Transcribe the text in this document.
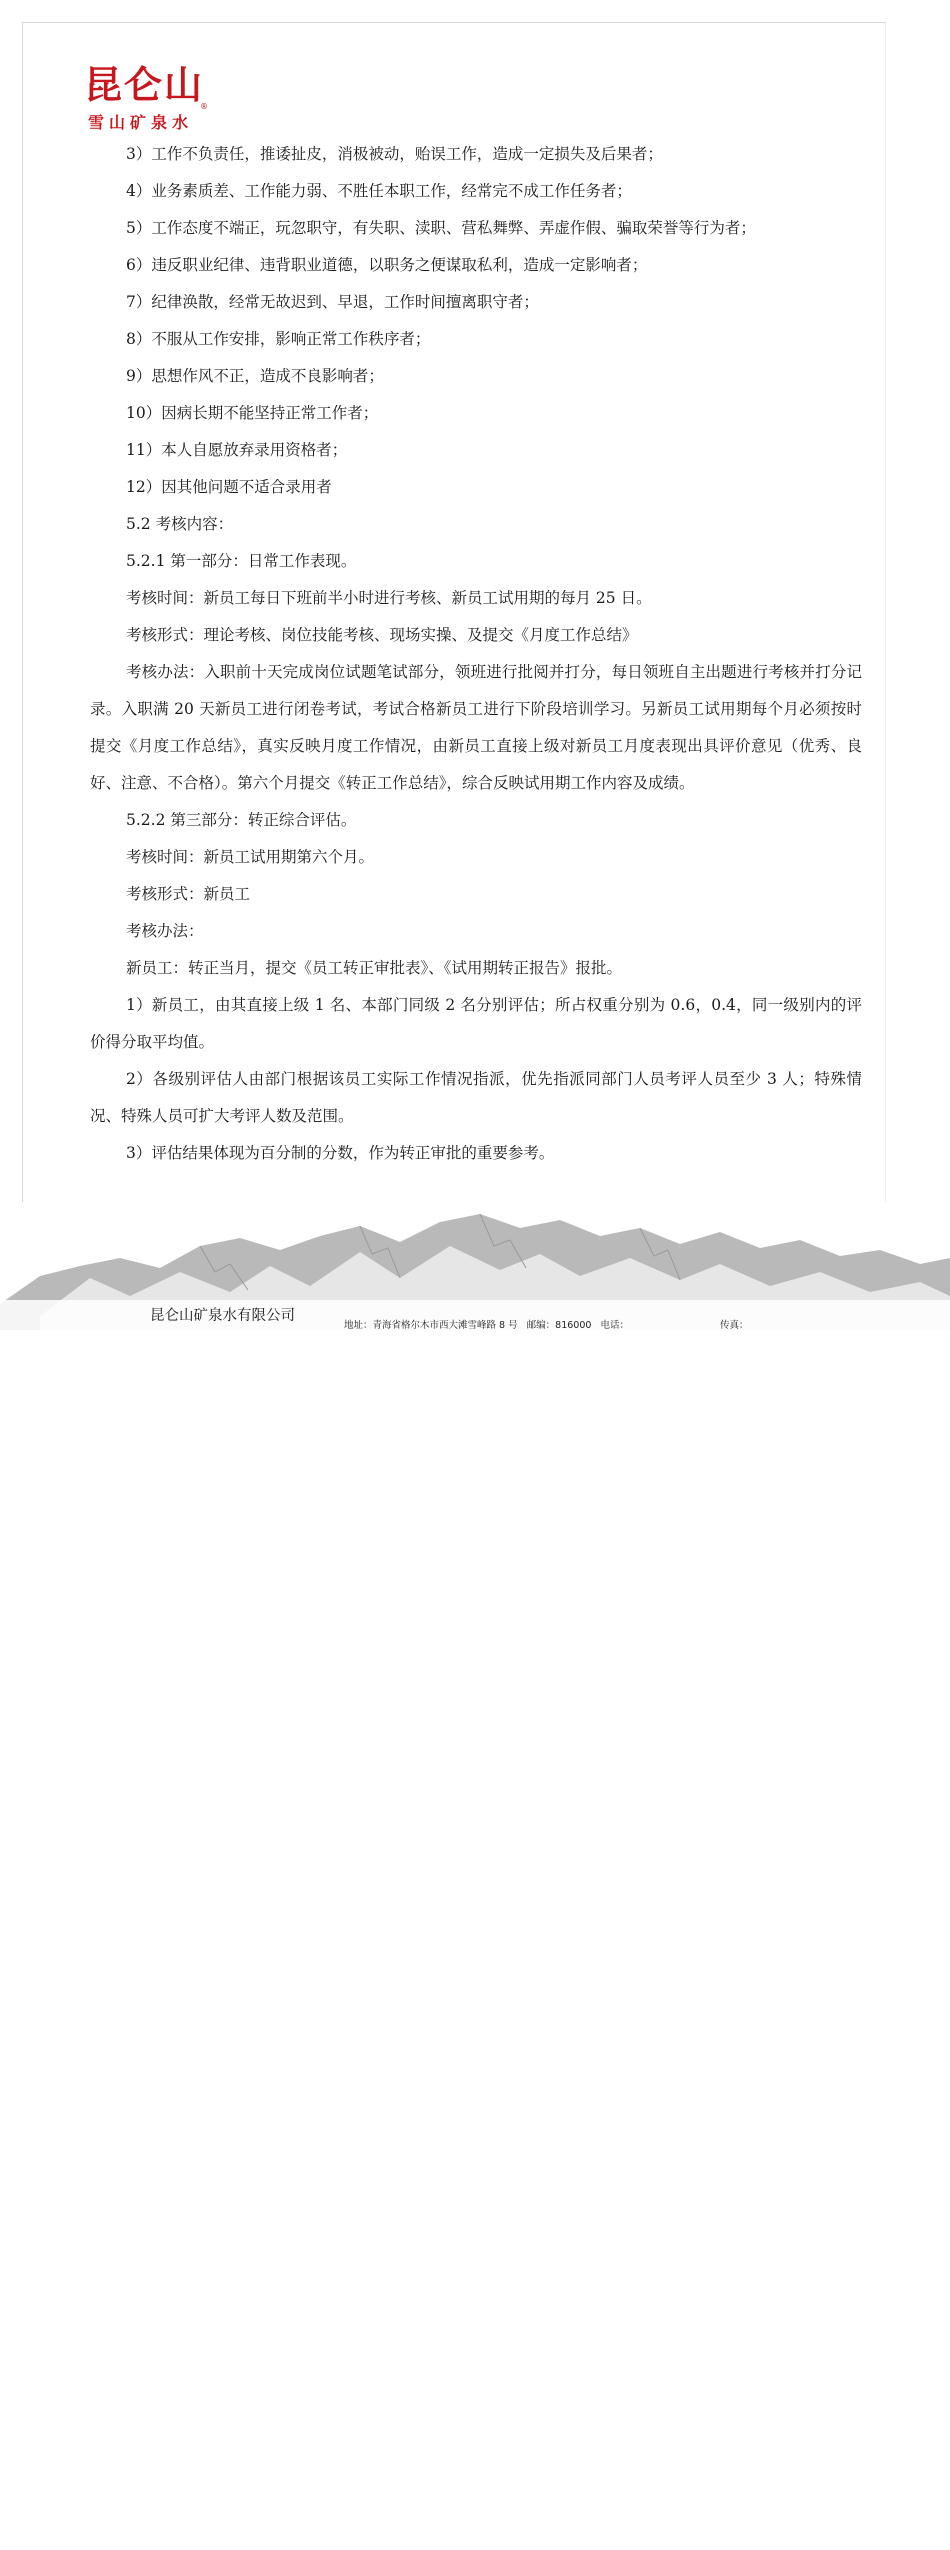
昆仑山
®
雪山矿泉水

3）工作不负责任，推诿扯皮，消极被动，贻误工作，造成一定损失及后果者；

4）业务素质差、工作能力弱、不胜任本职工作，经常完不成工作任务者；

5）工作态度不端正，玩忽职守，有失职、渎职、营私舞弊、弄虚作假、骗取荣誉等行为者；

6）违反职业纪律、违背职业道德，以职务之便谋取私利，造成一定影响者；

7）纪律涣散，经常无故迟到、早退，工作时间擅离职守者；

8）不服从工作安排，影响正常工作秩序者；

9）思想作风不正，造成不良影响者；

10）因病长期不能坚持正常工作者；

11）本人自愿放弃录用资格者；

12）因其他问题不适合录用者

5.2 考核内容：

5.2.1 第一部分：日常工作表现。

考核时间：新员工每日下班前半小时进行考核、新员工试用期的每月 25 日。

考核形式：理论考核、岗位技能考核、现场实操、及提交《月度工作总结》

考核办法：入职前十天完成岗位试题笔试部分，领班进行批阅并打分，每日领班自主出题进行考核并打分记录。入职满 20 天新员工进行闭卷考试，考试合格新员工进行下阶段培训学习。另新员工试用期每个月必须按时提交《月度工作总结》，真实反映月度工作情况，由新员工直接上级对新员工月度表现出具评价意见（优秀、良好、注意、不合格）。第六个月提交《转正工作总结》，综合反映试用期工作内容及成绩。

5.2.2 第三部分：转正综合评估。

考核时间：新员工试用期第六个月。

考核形式：新员工

考核办法：

新员工：转正当月，提交《员工转正审批表》、《试用期转正报告》报批。

1）新员工，由其直接上级 1 名、本部门同级 2 名分别评估；所占权重分别为 0.6，0.4，同一级别内的评价得分取平均值。

2）各级别评估人由部门根据该员工实际工作情况指派，优先指派同部门人员考评人员至少 3 人；特殊情况、特殊人员可扩大考评人数及范围。

3）评估结果体现为百分制的分数，作为转正审批的重要参考。

昆仑山矿泉水有限公司
地址：青海省格尔木市西大滩雪峰路 8 号   邮编：816000   电话：	传真：
